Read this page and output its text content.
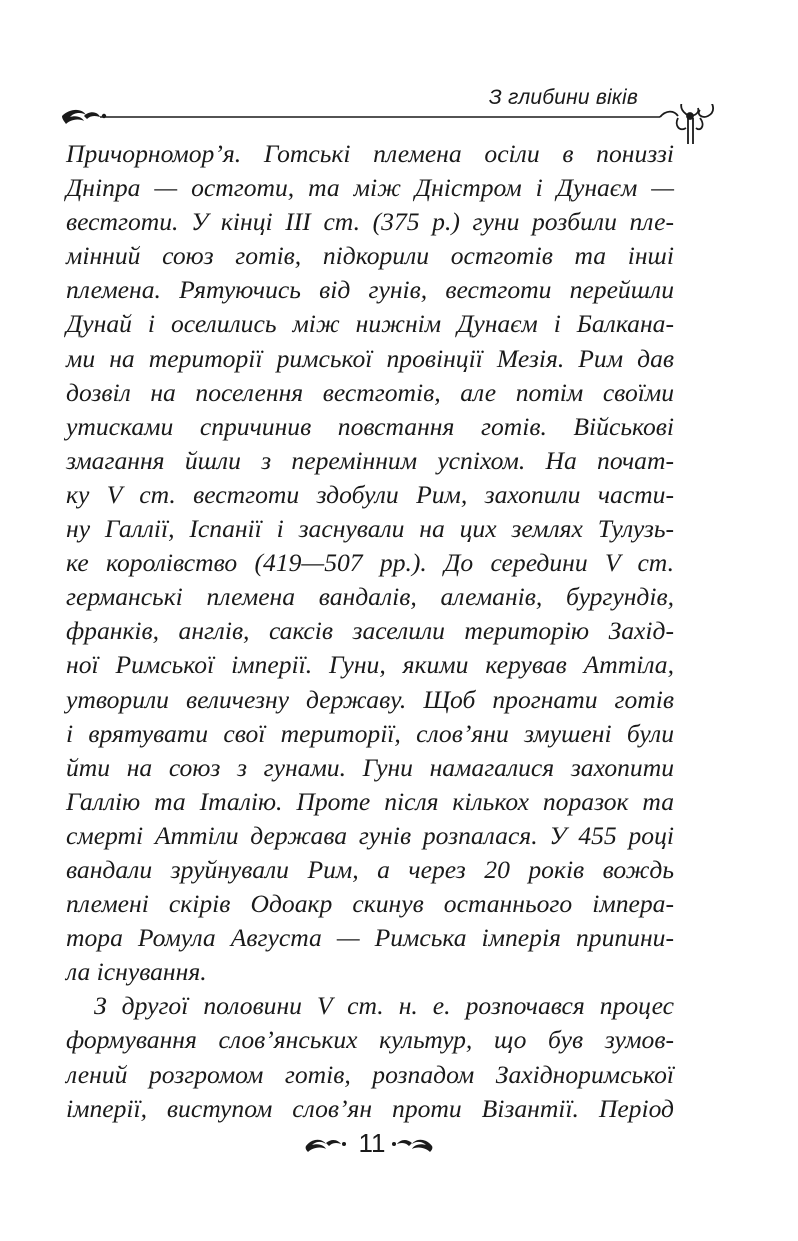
З глибини віків
Причорномор’я. Готські племена осіли в пониззі
Дніпра — остготи, та між Дністром і Дунаєм —
вестготи. У кінці III ст. (375 р.) гуни розбили пле-
мінний союз готів, підкорили остготів та інші
племена. Рятуючись від гунів, вестготи перейшли
Дунай і оселились між нижнім Дунаєм і Балкана-
ми на території римської провінції Мезія. Рим дав
дозвіл на поселення вестготів, але потім своїми
утисками спричинив повстання готів. Військові
змагання йшли з перемінним успіхом. На почат-
ку V ст. вестготи здобули Рим, захопили части-
ну Галлії, Іспанії і заснували на цих землях Тулузь-
ке королівство (419—507 рр.). До середини V ст.
германські племена вандалів, алеманів, бургундів,
франків, англів, саксів заселили територію Захід-
ної Римської імперії. Гуни, якими керував Аттіла,
утворили величезну державу. Щоб прогнати готів
і врятувати свої території, слов’яни змушені були
йти на союз з гунами. Гуни намагалися захопити
Галлію та Італію. Проте після кількох поразок та
смерті Аттіли держава гунів розпалася. У 455 році
вандали зруйнували Рим, а через 20 років вождь
племені скірів Одоакр скинув останнього імпера-
тора Ромула Августа — Римська імперія припини-
ла існування.
З другої половини V ст. н. е. розпочався процес
формування слов’янських культур, що був зумов-
лений розгромом готів, розпадом Західноримської
імперії, виступом слов’ян проти Візантії. Період
11
